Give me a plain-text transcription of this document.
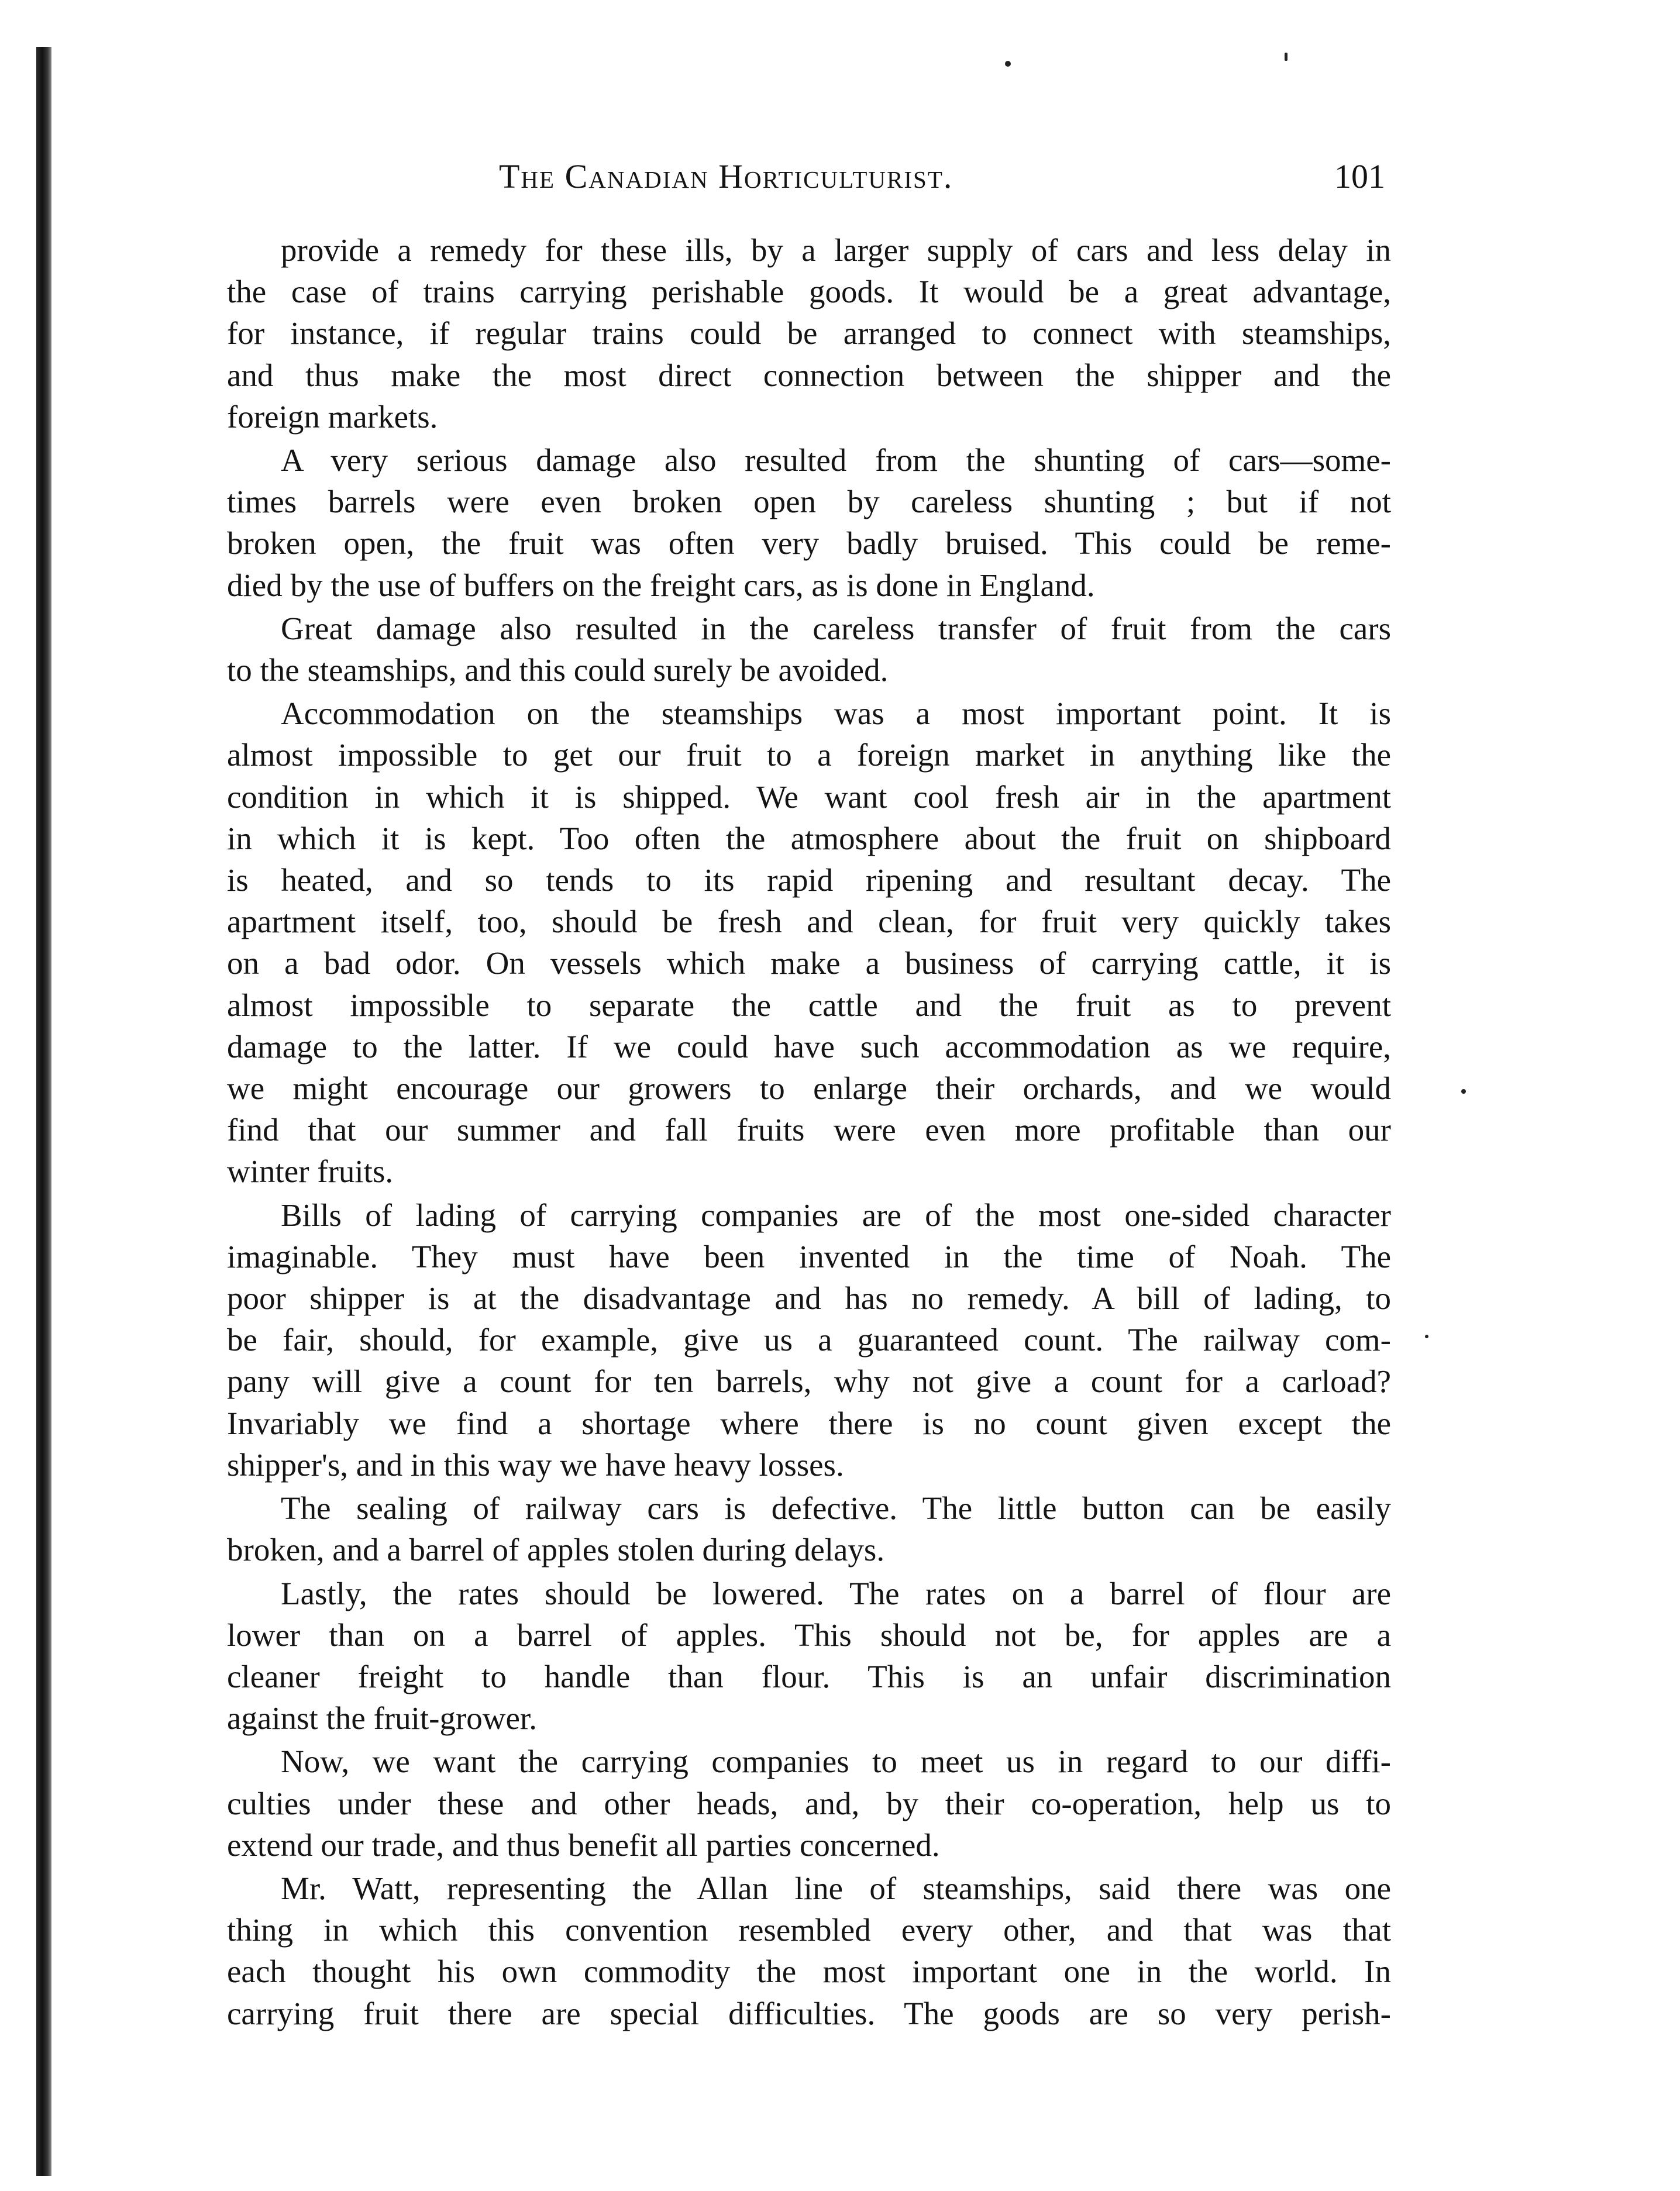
The Canadian Horticulturist.	101
provide a remedy for these ills, by a larger supply of cars and less delay in
the case of trains carrying perishable goods. It would be a great advantage,
for instance, if regular trains could be arranged to connect with steamships,
and thus make the most direct connection between the shipper and the
foreign markets.
A very serious damage also resulted from the shunting of cars—some-
times barrels were even broken open by careless shunting ; but if not
broken open, the fruit was often very badly bruised. This could be reme-
died by the use of buffers on the freight cars, as is done in England.
Great damage also resulted in the careless transfer of fruit from the cars
to the steamships, and this could surely be avoided.
Accommodation on the steamships was a most important point. It is
almost impossible to get our fruit to a foreign market in anything like the
condition in which it is shipped. We want cool fresh air in the apartment
in which it is kept. Too often the atmosphere about the fruit on shipboard
is heated, and so tends to its rapid ripening and resultant decay. The
apartment itself, too, should be fresh and clean, for fruit very quickly takes
on a bad odor. On vessels which make a business of carrying cattle, it is
almost impossible to separate the cattle and the fruit as to prevent
damage to the latter. If we could have such accommodation as we require,
we might encourage our growers to enlarge their orchards, and we would
find that our summer and fall fruits were even more profitable than our
winter fruits.
Bills of lading of carrying companies are of the most one-sided character
imaginable. They must have been invented in the time of Noah. The
poor shipper is at the disadvantage and has no remedy. A bill of lading, to
be fair, should, for example, give us a guaranteed count. The railway com-
pany will give a count for ten barrels, why not give a count for a carload?
Invariably we find a shortage where there is no count given except the
shipper's, and in this way we have heavy losses.
The sealing of railway cars is defective. The little button can be easily
broken, and a barrel of apples stolen during delays.
Lastly, the rates should be lowered. The rates on a barrel of flour are
lower than on a barrel of apples. This should not be, for apples are a
cleaner freight to handle than flour. This is an unfair discrimination
against the fruit-grower.
Now, we want the carrying companies to meet us in regard to our diffi-
culties under these and other heads, and, by their co-operation, help us to
extend our trade, and thus benefit all parties concerned.
Mr. Watt, representing the Allan line of steamships, said there was one
thing in which this convention resembled every other, and that was that
each thought his own commodity the most important one in the world. In
carrying fruit there are special difficulties. The goods are so very perish-
